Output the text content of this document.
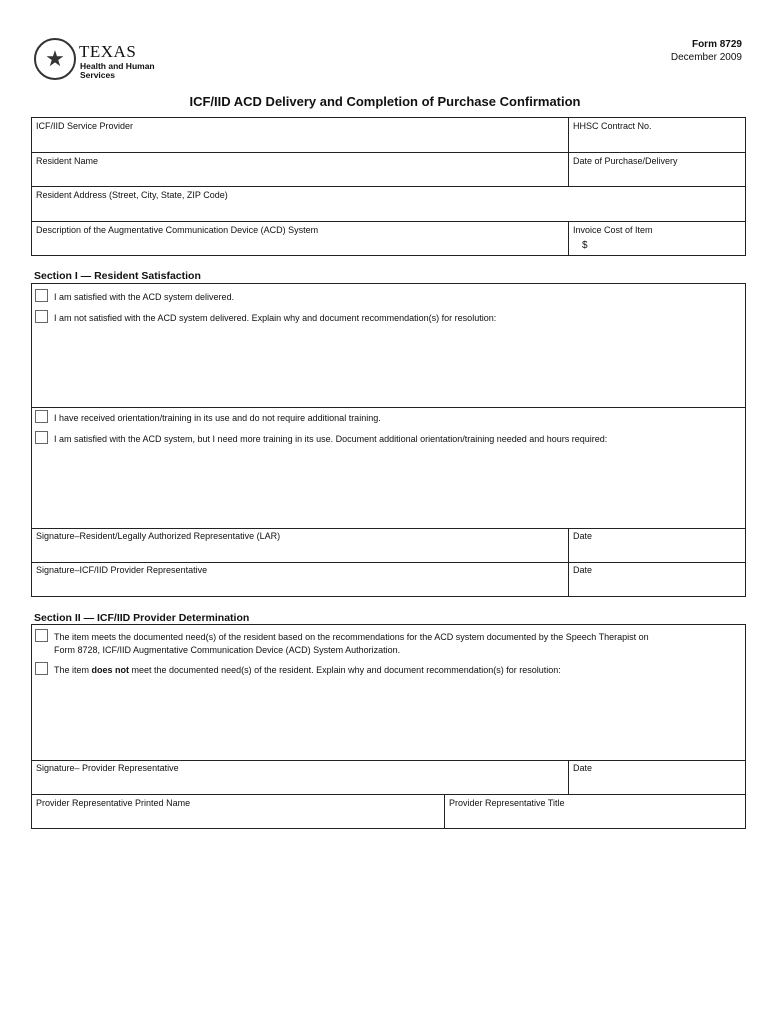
★ TEXAS
Health and Human
Services
Form 8729
December 2009
ICF/IID ACD Delivery and Completion of Purchase Confirmation
ICF/IID Service Provider	HHSC Contract No.
Resident Name	Date of Purchase/Delivery
Resident Address (Street, City, State, ZIP Code)
Description of the Augmentative Communication Device (ACD) System	Invoice Cost of Item
$
Section I — Resident Satisfaction
I am satisfied with the ACD system delivered.
I am not satisfied with the ACD system delivered. Explain why and document recommendation(s) for resolution:
I have received orientation/training in its use and do not require additional training.
I am satisfied with the ACD system, but I need more training in its use. Document additional orientation/training needed and hours required:
Signature–Resident/Legally Authorized Representative (LAR)	Date
Signature–ICF/IID Provider Representative	Date
Section II — ICF/IID Provider Determination
The item meets the documented need(s) of the resident based on the recommendations for the ACD system documented by the Speech Therapist on
Form 8728, ICF/IID Augmentative Communication Device (ACD) System Authorization.
The item does not meet the documented need(s) of the resident. Explain why and document recommendation(s) for resolution:
Signature– Provider Representative	Date
Provider Representative Printed Name	Provider Representative Title
